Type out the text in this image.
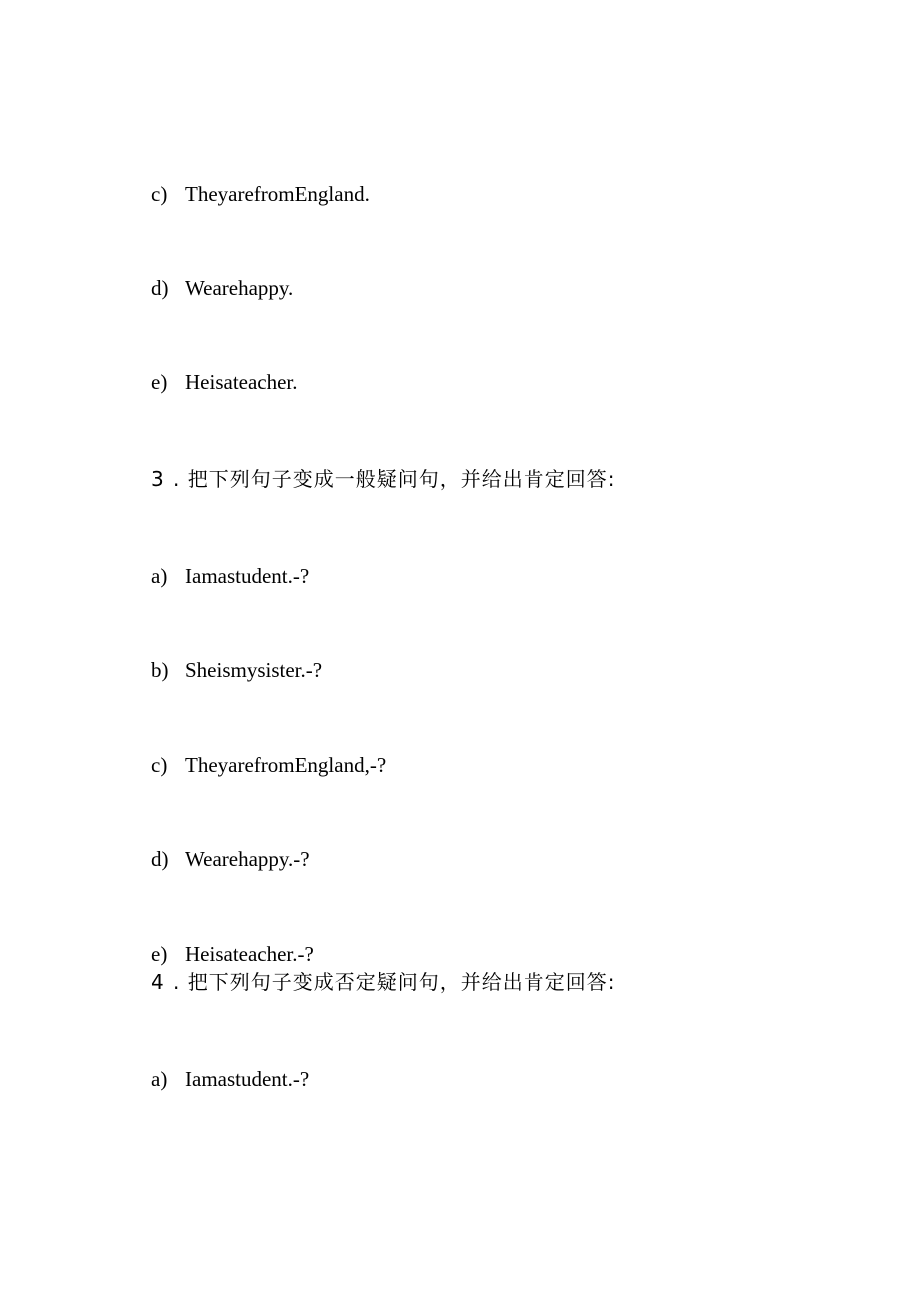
c) TheyarefromEngland.
d) Wearehappy.
e) Heisateacher.
3 . 把下列句子变成一般疑问句，并给出肯定回答:
a) Iamastudent.-?
b) Sheismysister.-?
c) TheyarefromEngland,-?
d) Wearehappy.-?
e) Heisateacher.-?
4 . 把下列句子变成否定疑问句，并给出肯定回答:
a) Iamastudent.-?
